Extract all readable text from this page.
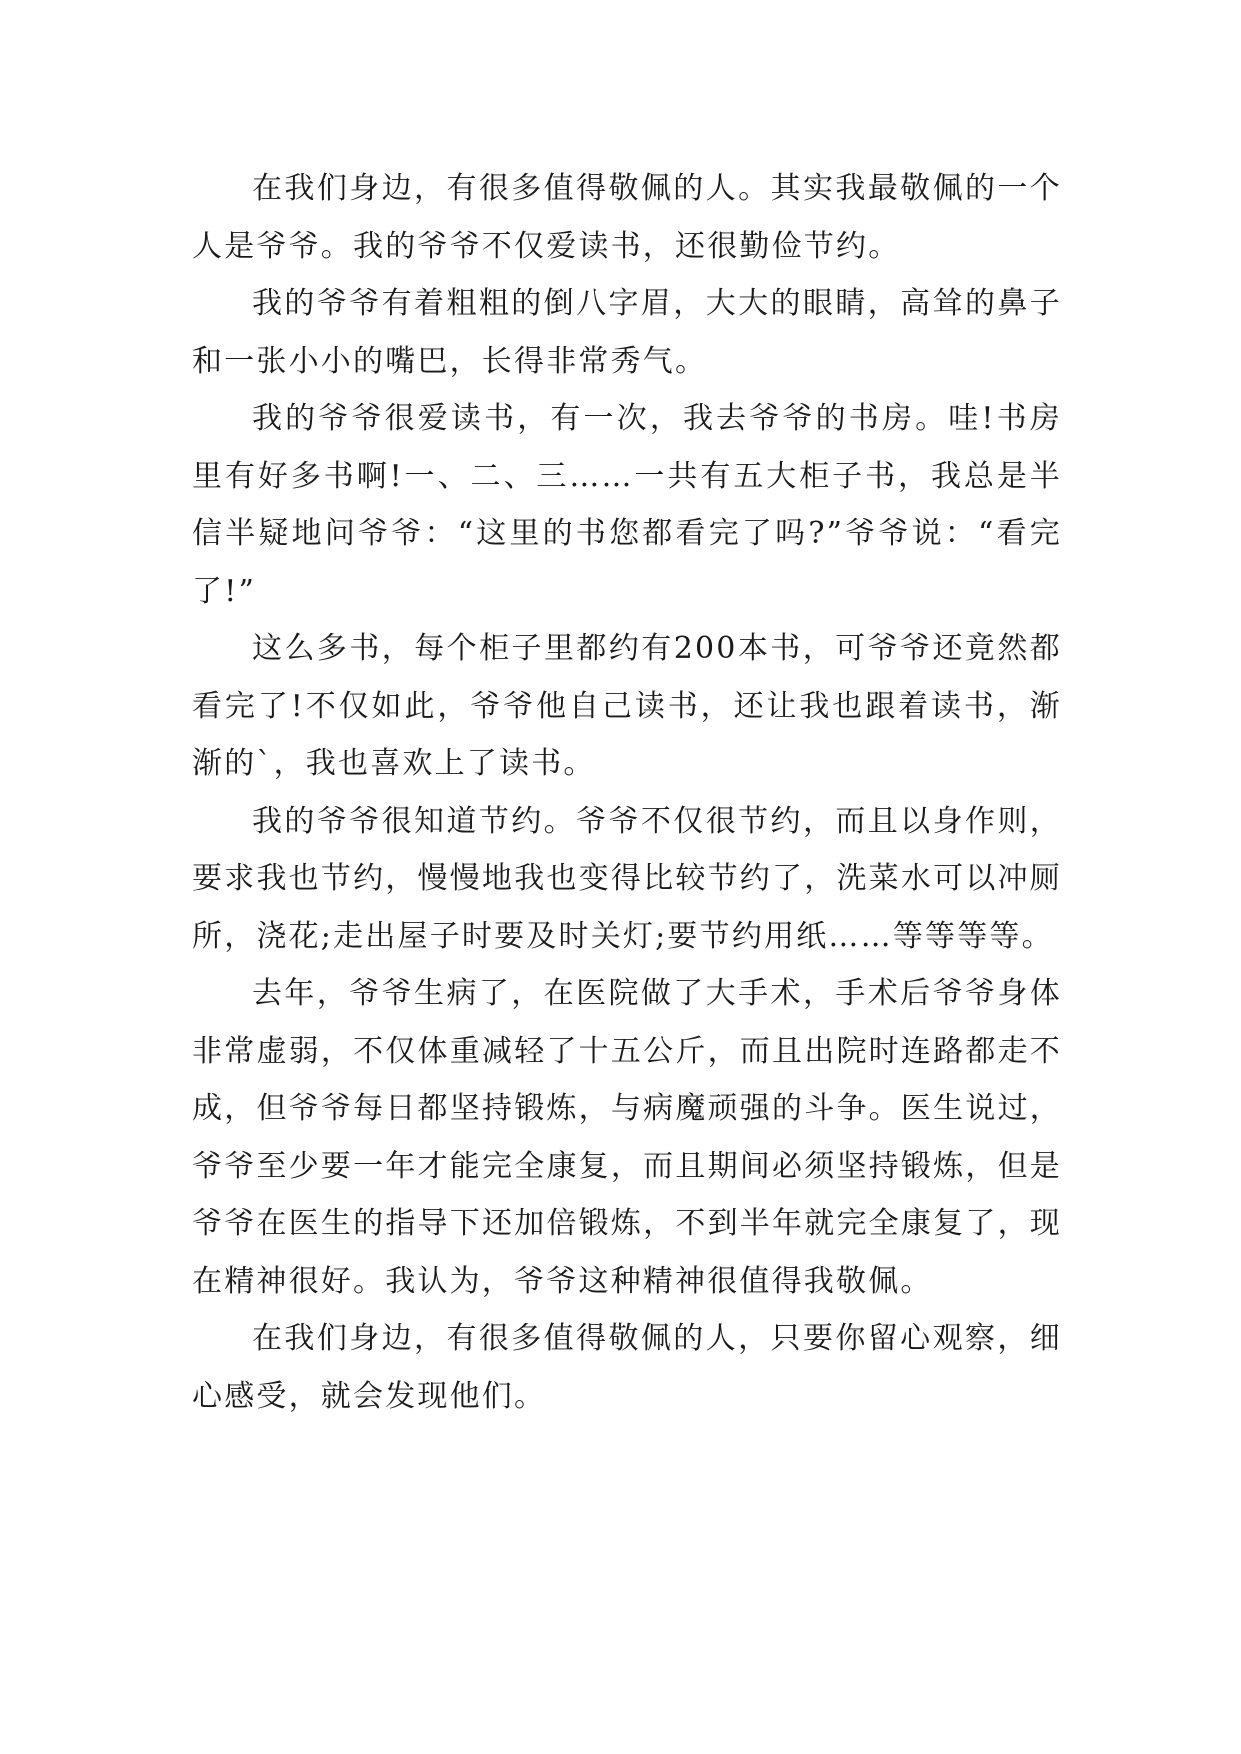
在我们身边，有很多值得敬佩的人。其实我最敬佩的一个人是爷爷。我的爷爷不仅爱读书，还很勤俭节约。

我的爷爷有着粗粗的倒八字眉，大大的眼睛，高耸的鼻子和一张小小的嘴巴，长得非常秀气。

我的爷爷很爱读书，有一次，我去爷爷的书房。哇!书房里有好多书啊!一、二、三……一共有五大柜子书，我总是半信半疑地问爷爷：“这里的书您都看完了吗?”爷爷说：“看完了!”

这么多书，每个柜子里都约有200本书，可爷爷还竟然都看完了!不仅如此，爷爷他自己读书，还让我也跟着读书，渐渐的`，我也喜欢上了读书。

我的爷爷很知道节约。爷爷不仅很节约，而且以身作则，要求我也节约，慢慢地我也变得比较节约了，洗菜水可以冲厕所，浇花;走出屋子时要及时关灯;要节约用纸……等等等等。

去年，爷爷生病了，在医院做了大手术，手术后爷爷身体非常虚弱，不仅体重减轻了十五公斤，而且出院时连路都走不成，但爷爷每日都坚持锻炼，与病魔顽强的斗争。医生说过，爷爷至少要一年才能完全康复，而且期间必须坚持锻炼，但是爷爷在医生的指导下还加倍锻炼，不到半年就完全康复了，现在精神很好。我认为，爷爷这种精神很值得我敬佩。

在我们身边，有很多值得敬佩的人，只要你留心观察，细心感受，就会发现他们。
